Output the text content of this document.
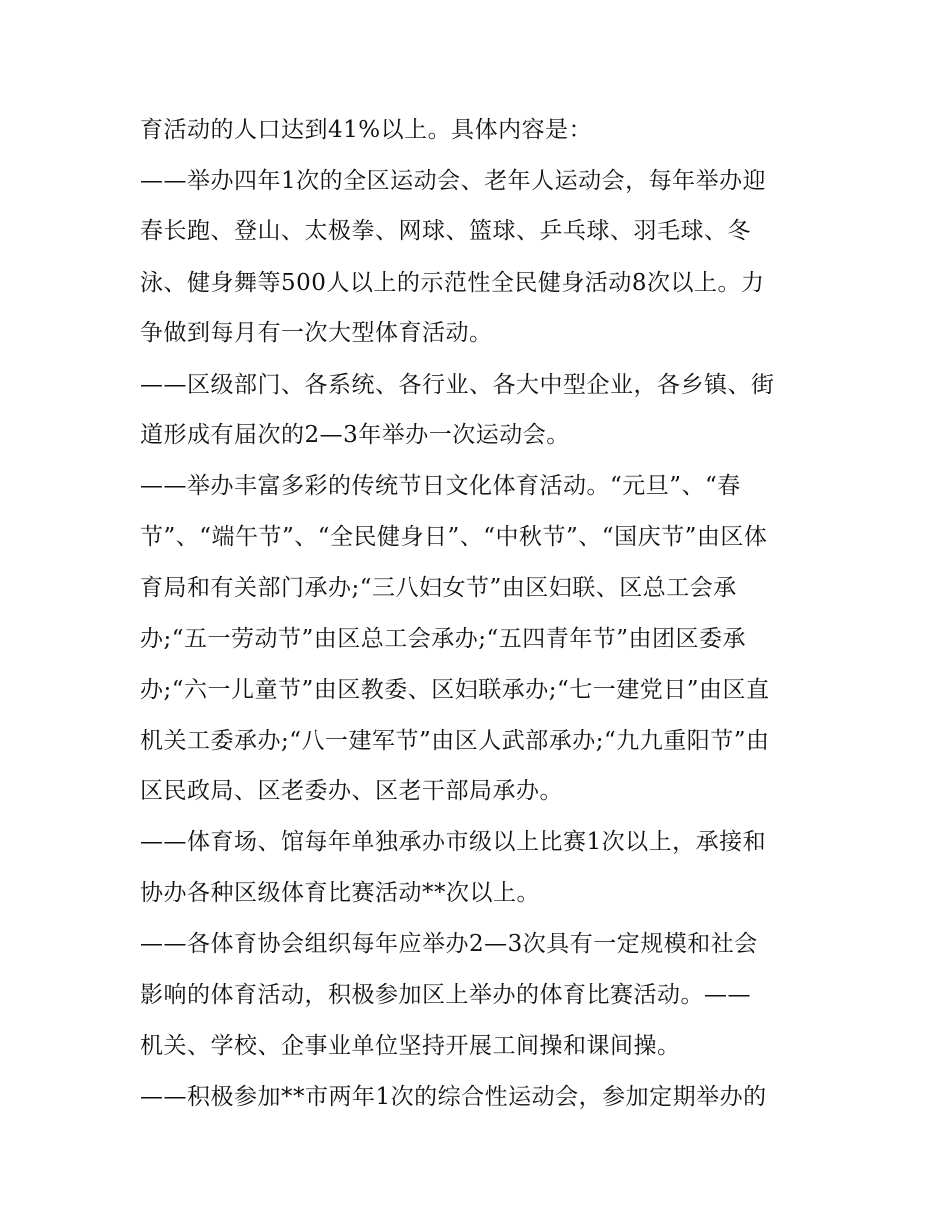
育活动的人口达到41%以上。具体内容是：
——举办四年1次的全区运动会、老年人运动会，每年举办迎
春长跑、登山、太极拳、网球、篮球、乒乓球、羽毛球、冬
泳、健身舞等500人以上的示范性全民健身活动8次以上。力
争做到每月有一次大型体育活动。
——区级部门、各系统、各行业、各大中型企业，各乡镇、街
道形成有届次的2—3年举办一次运动会。
——举办丰富多彩的传统节日文化体育活动。“元旦”、“春
节”、“端午节”、“全民健身日”、“中秋节”、“国庆节”由区体
育局和有关部门承办;“三八妇女节”由区妇联、区总工会承
办;“五一劳动节”由区总工会承办;“五四青年节”由团区委承
办;“六一儿童节”由区教委、区妇联承办;“七一建党日”由区直
机关工委承办;“八一建军节”由区人武部承办;“九九重阳节”由
区民政局、区老委办、区老干部局承办。
——体育场、馆每年单独承办市级以上比赛1次以上，承接和
协办各种区级体育比赛活动**次以上。
——各体育协会组织每年应举办2—3次具有一定规模和社会
影响的体育活动，积极参加区上举办的体育比赛活动。——
机关、学校、企事业单位坚持开展工间操和课间操。
——积极参加**市两年1次的综合性运动会，参加定期举办的
